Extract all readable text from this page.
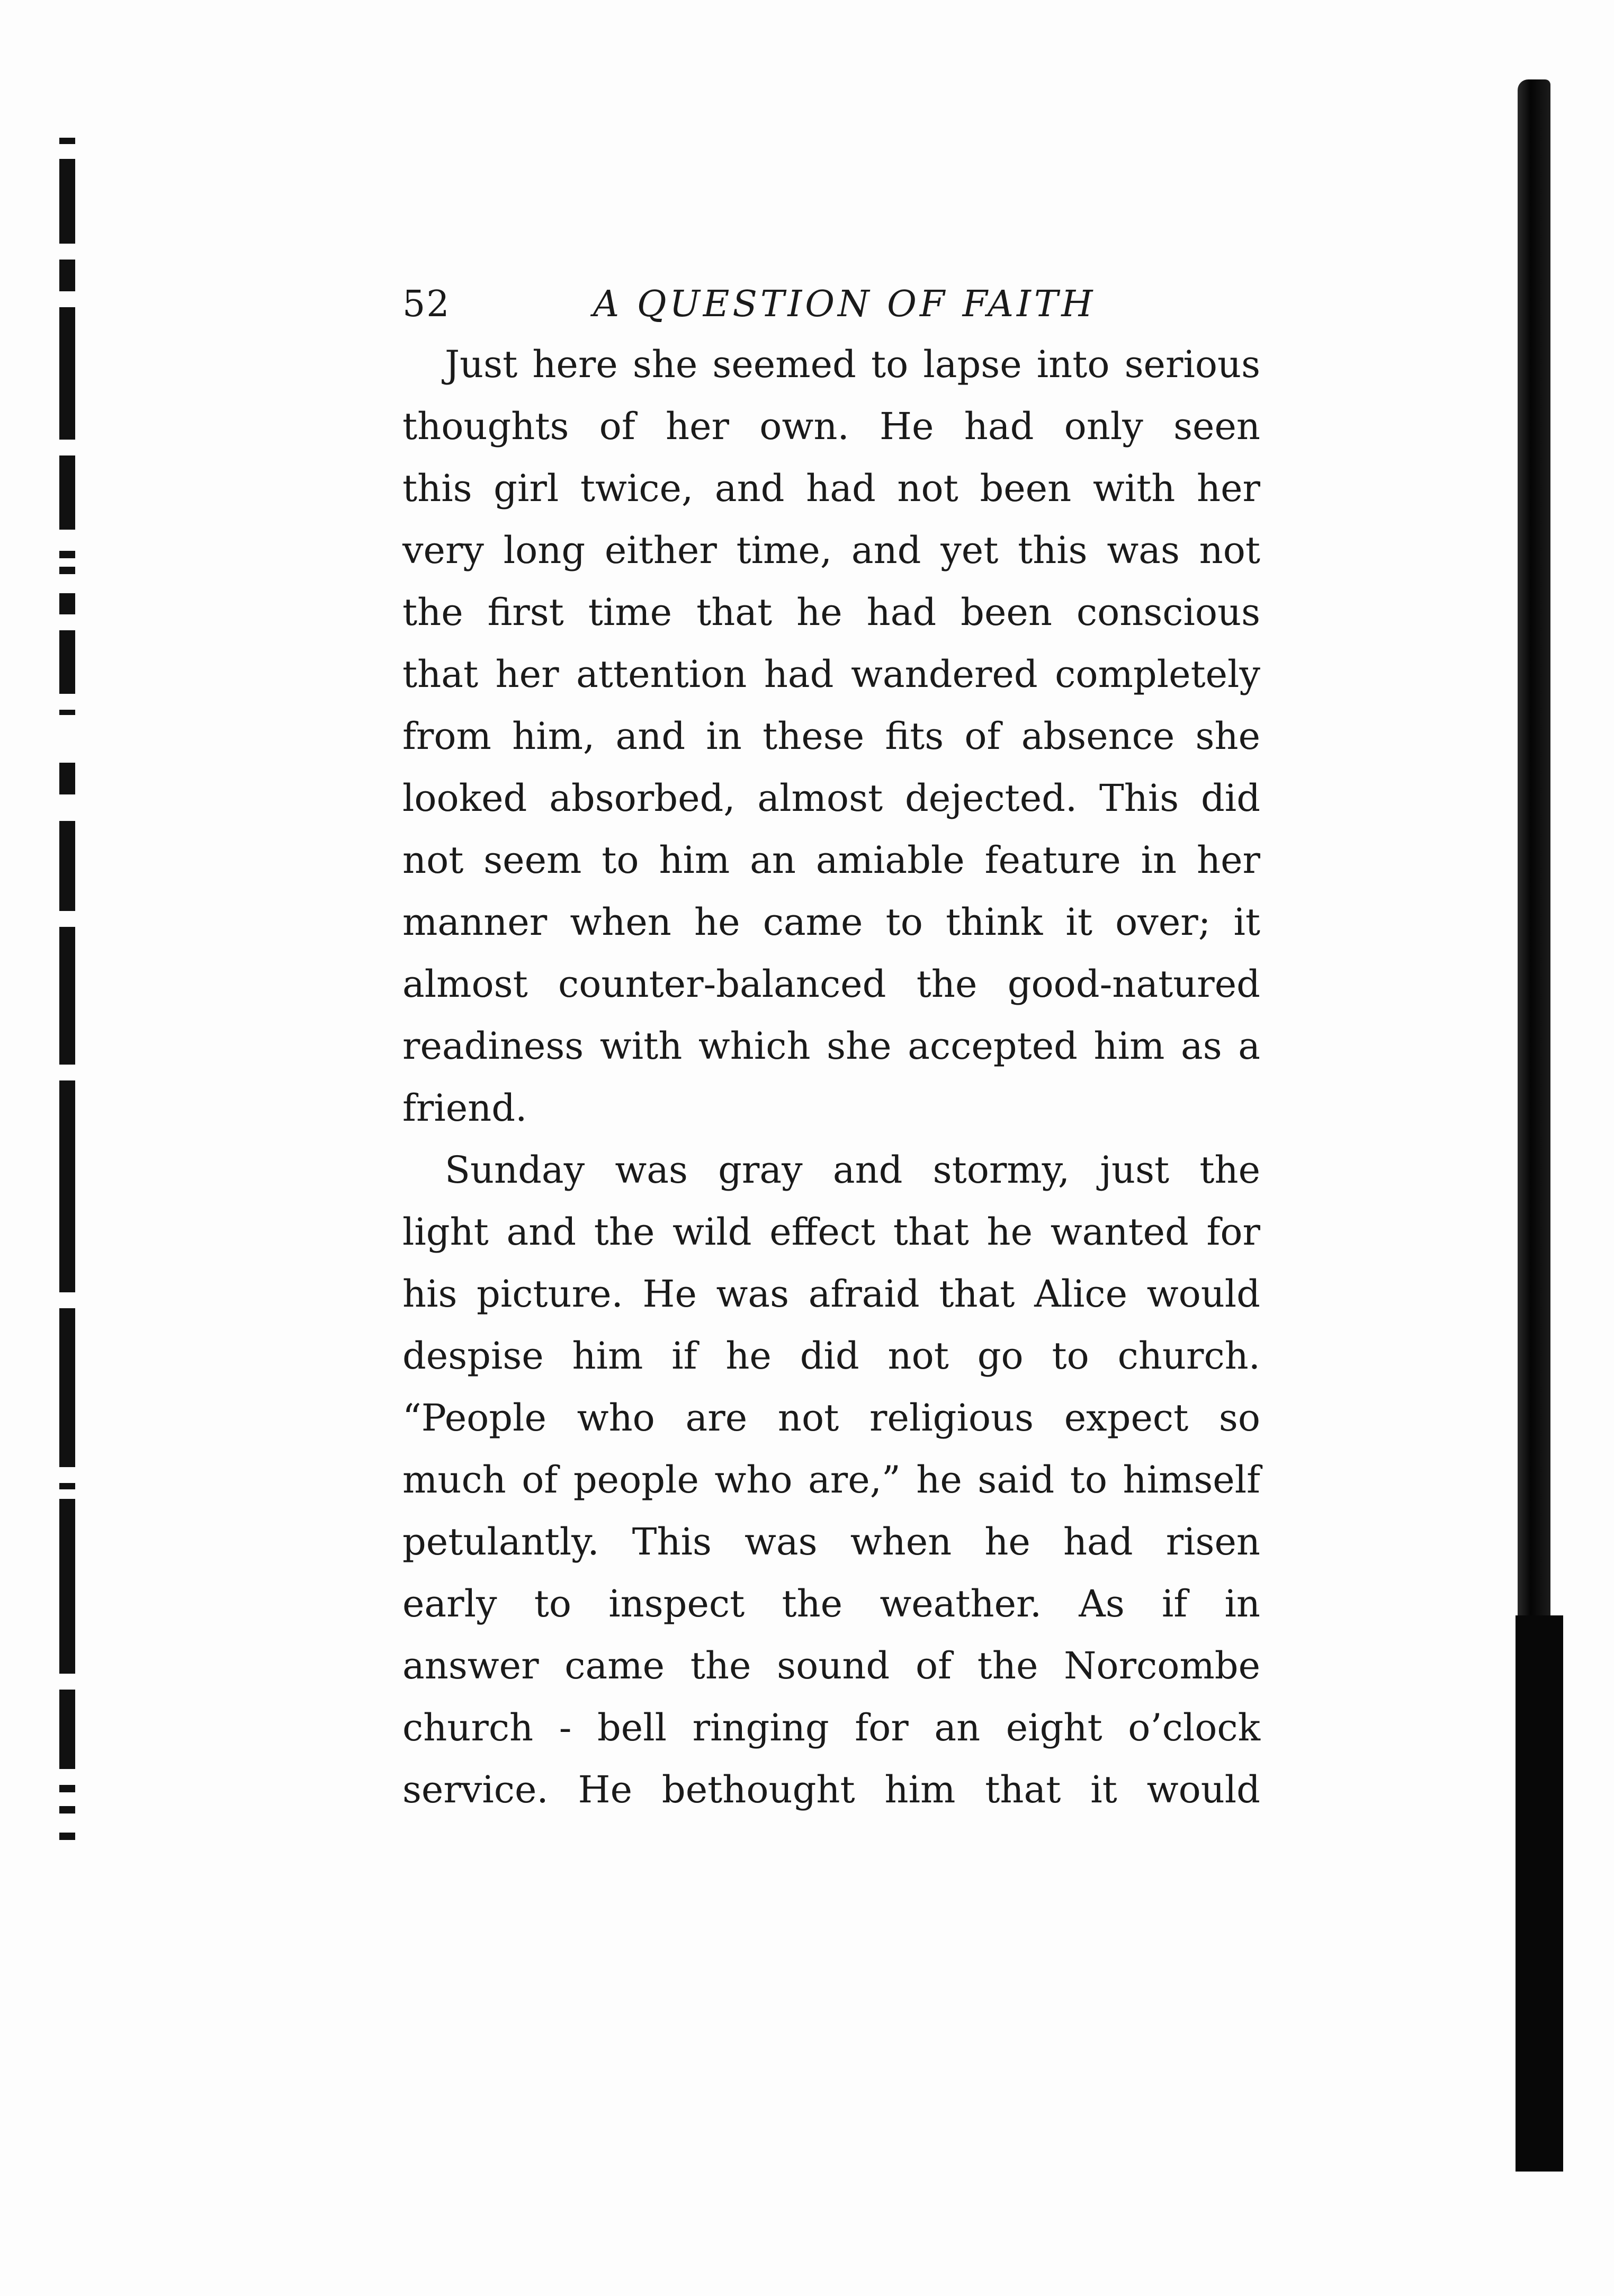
52	A QUESTION OF FAITH

Just here she seemed to lapse into serious
thoughts of her own. He had only seen
this girl twice, and had not been with her
very long either time, and yet this was not
the first time that he had been conscious
that her attention had wandered completely
from him, and in these fits of absence she
looked absorbed, almost dejected. This did
not seem to him an amiable feature in her
manner when he came to think it over; it
almost counter-balanced the good-natured
readiness with which she accepted him as a
friend.

Sunday was gray and stormy, just the
light and the wild effect that he wanted for
his picture. He was afraid that Alice would
despise him if he did not go to church.
“People who are not religious expect so
much of people who are,” he said to himself
petulantly. This was when he had risen
early to inspect the weather. As if in
answer came the sound of the Norcombe
church - bell ringing for an eight o’clock
service. He bethought him that it would
